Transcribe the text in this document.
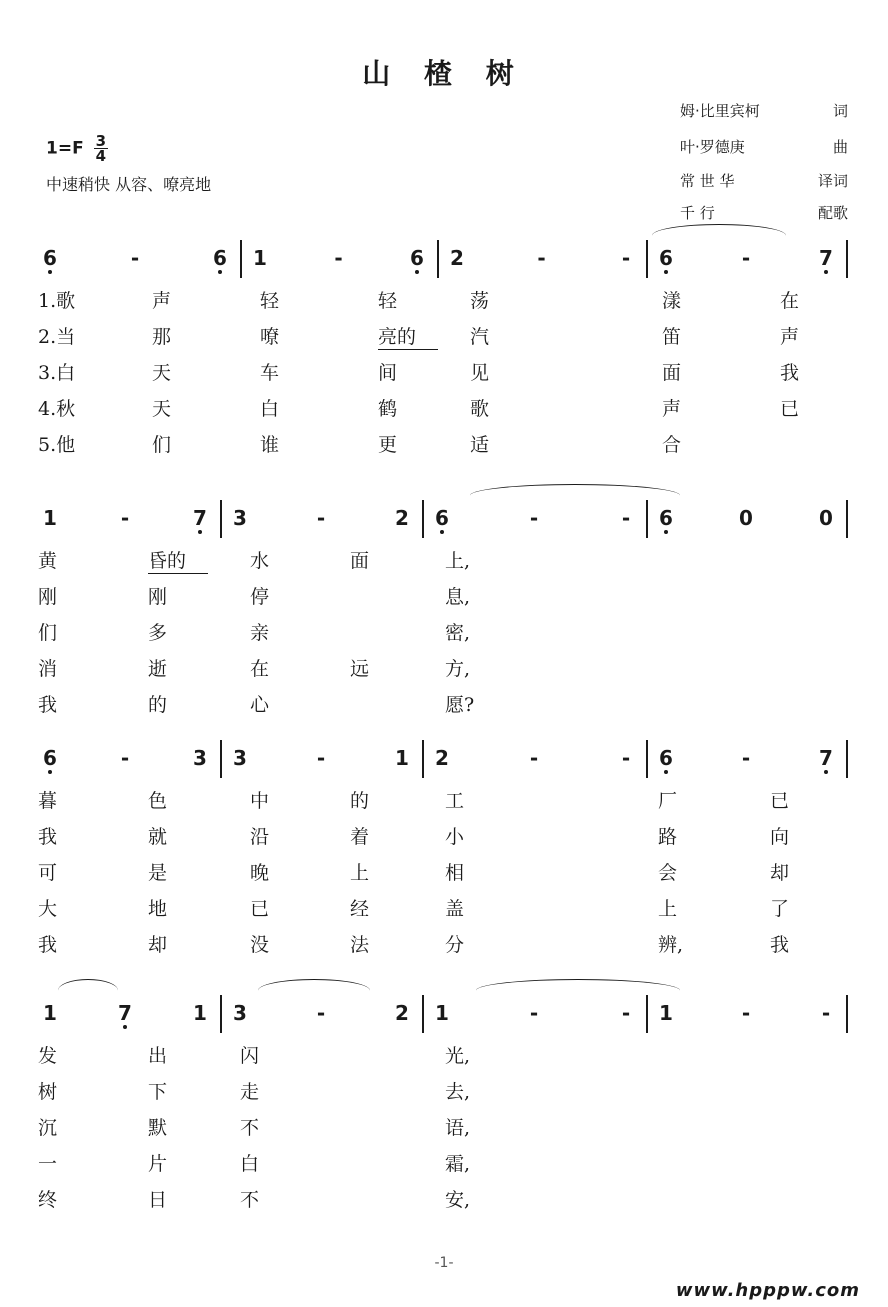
山 楂 树
$1=F \frac{3}{4}$
中速稍快 从容、嘹亮地
姆·比里宾柯	词
叶·罗德庚	曲
常 世 华	译词
千 行	配歌
6	-	6 1	-	6 2	-	-	6	-	7
1.歌	声	轻	轻	荡	漾	在
2.当	那	嘹	亮的	汽	笛	声
3.白	天	车	间	见	面	我
4.秋	天	白	鹤	歌	声	已
5.他	们	谁	更	适	合
1	-	7 3	-	2 6	-	-	6	0	0
黄	昏的	水	面	上,
刚	刚	停	息,
们	多	亲	密,
消	逝	在	远	方,
我	的	心	愿?
6	-	3 3	-	1 2	-	-	6	-	7
暮	色	中	的	工	厂	已
我	就	沿	着	小	路	向
可	是	晚	上	相	会	却
大	地	已	经	盖	上	了
我	却	没	法	分	辨,	我
1	7	1 3	-	2 1	-	-	1	-	-
发	出	闪	光,
树	下	走	去,
沉	默	不	语,
一	片	白	霜,
终	日	不	安,
-1-
www.hpppw.com
